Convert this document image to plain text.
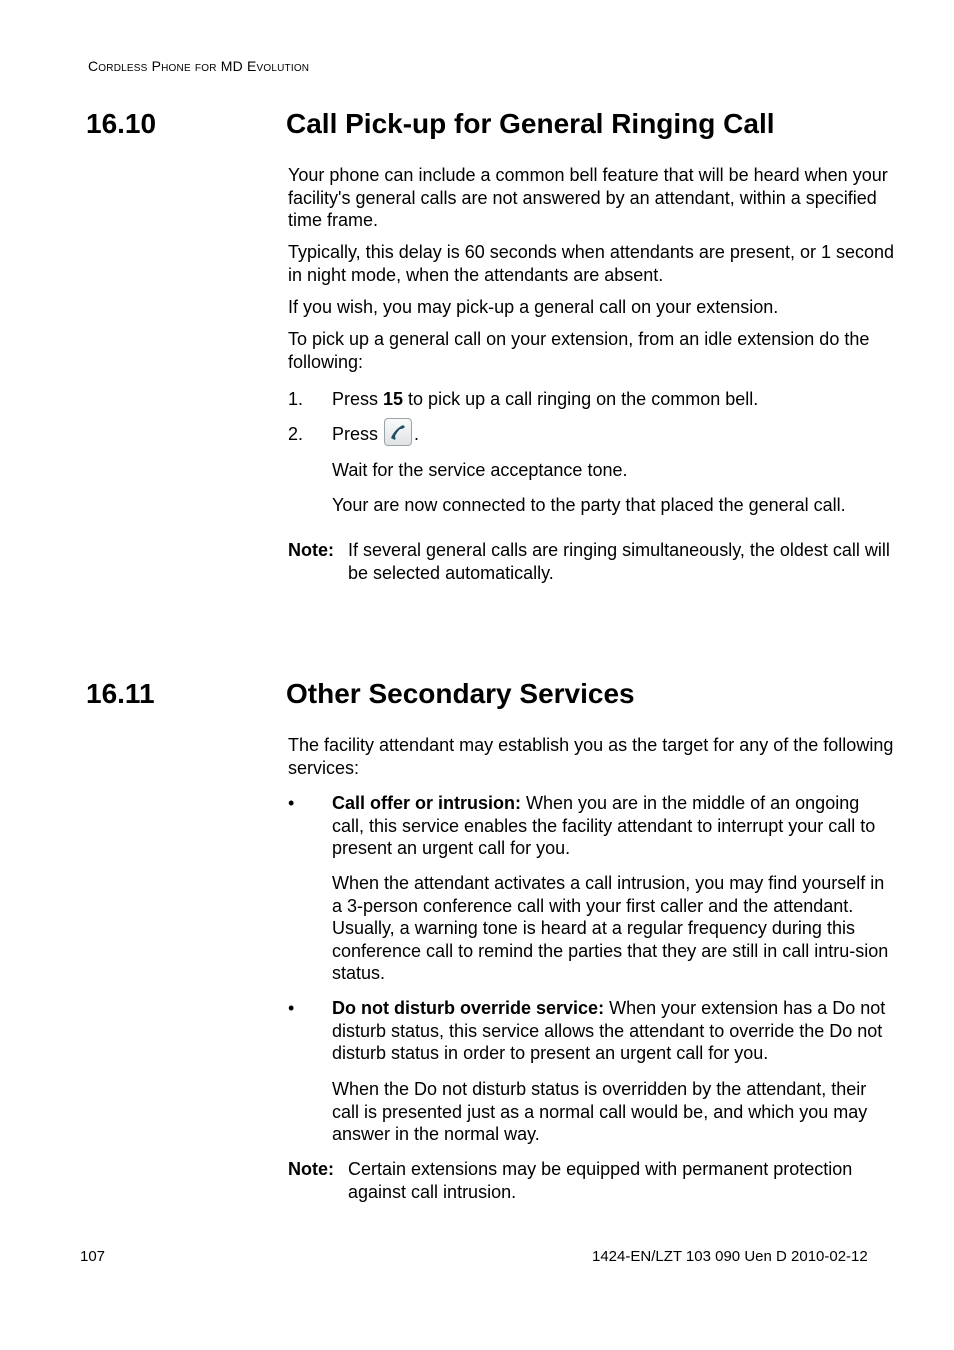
Cordless Phone for MD Evolution
16.10	Call Pick-up for General Ringing Call

Your phone can include a common bell feature that will be heard when your facility's general calls are not answered by an attendant, within a specified time frame.

Typically, this delay is 60 seconds when attendants are present, or 1 second in night mode, when the attendants are absent.

If you wish, you may pick-up a general call on your extension.

To pick up a general call on your extension, from an idle extension do the following:

1. Press 15 to pick up a call ringing on the common bell.

2. Press .

Wait for the service acceptance tone.

Your are now connected to the party that placed the general call.

Note: If several general calls are ringing simultaneously, the oldest call will be selected automatically.

16.11	Other Secondary Services

The facility attendant may establish you as the target for any of the following services:

• Call offer or intrusion: When you are in the middle of an ongoing call, this service enables the facility attendant to interrupt your call to present an urgent call for you.

When the attendant activates a call intrusion, you may find yourself in a 3-person conference call with your first caller and the attendant. Usually, a warning tone is heard at a regular frequency during this conference call to remind the parties that they are still in call intru-sion status.

• Do not disturb override service: When your extension has a Do not disturb status, this service allows the attendant to override the Do not disturb status in order to present an urgent call for you.

When the Do not disturb status is overridden by the attendant, their call is presented just as a normal call would be, and which you may answer in the normal way.

Note: Certain extensions may be equipped with permanent protection against call intrusion.

107	1424-EN/LZT 103 090 Uen D 2010-02-12
